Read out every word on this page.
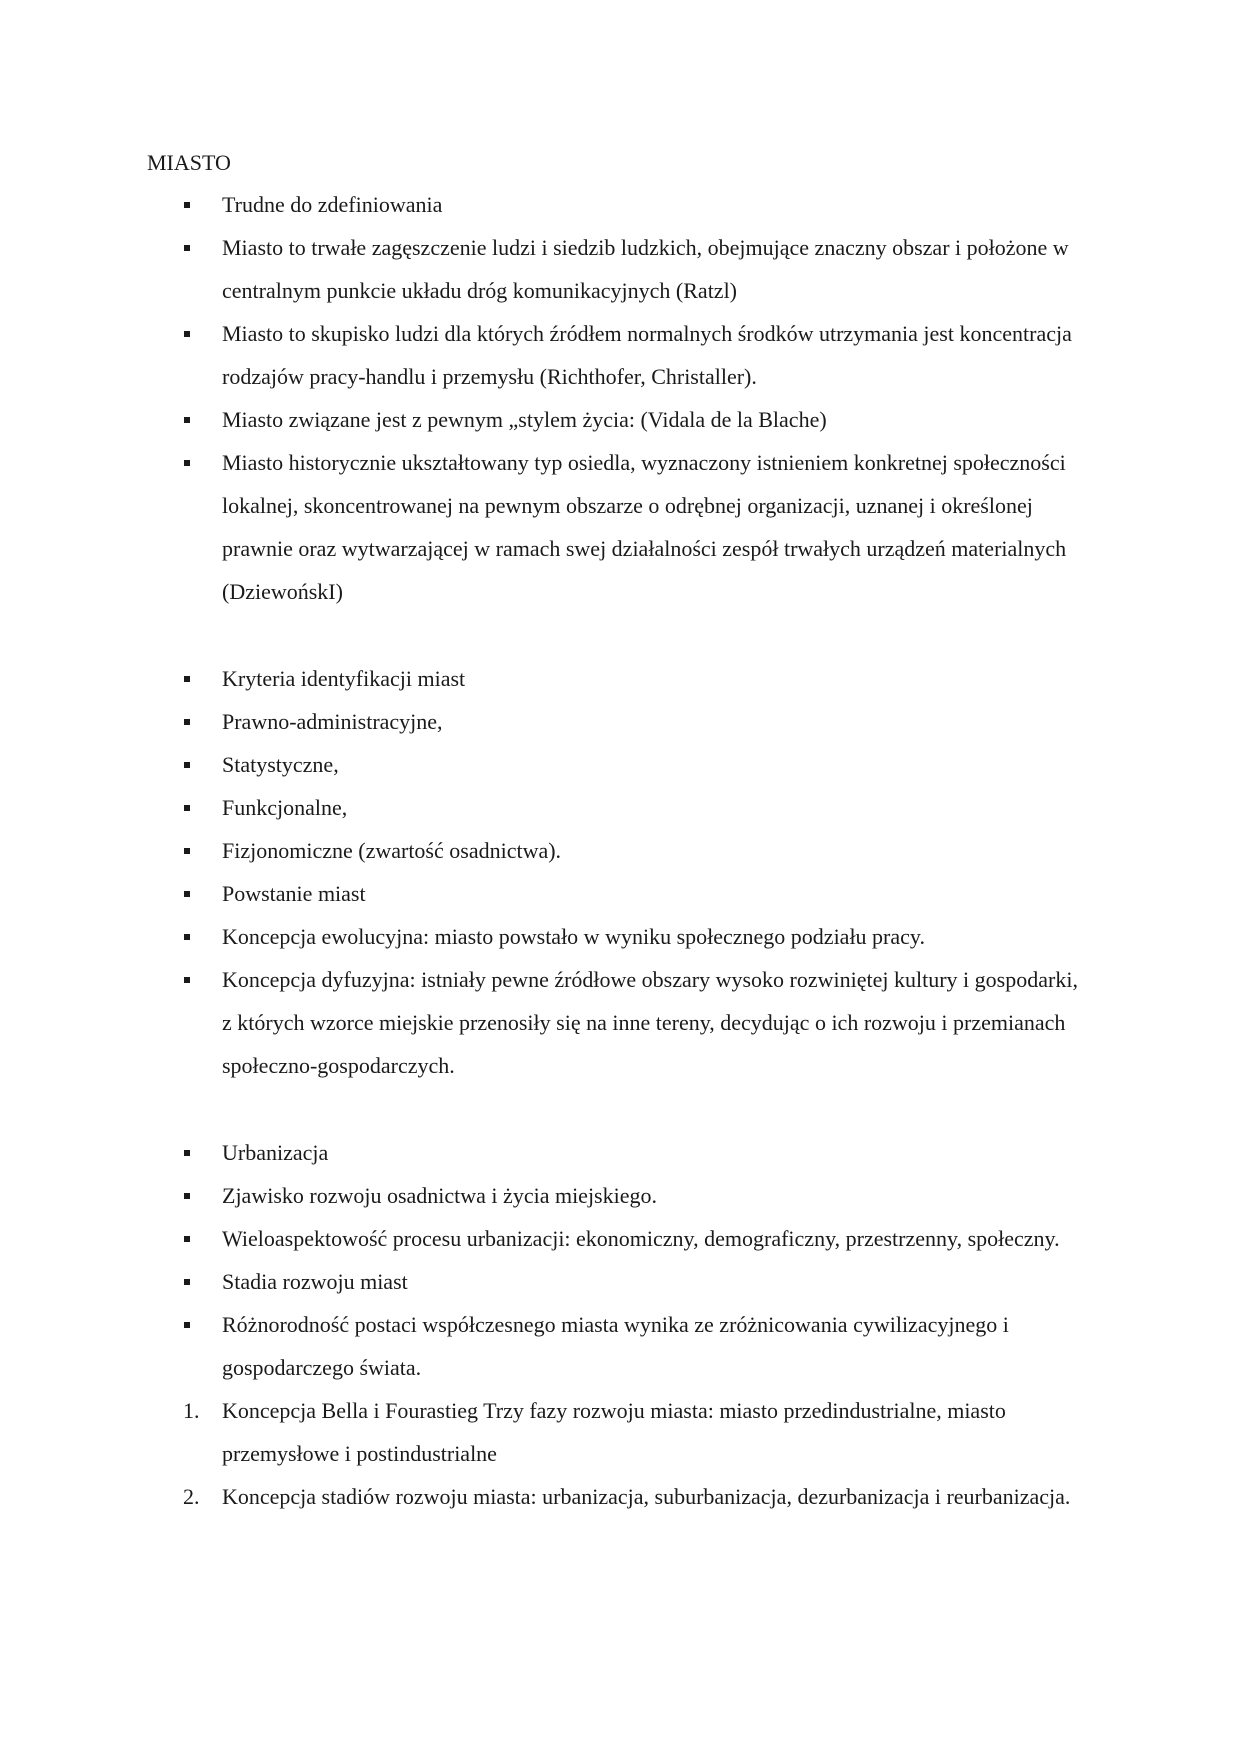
MIASTO
Trudne do zdefiniowania
Miasto to trwałe zagęszczenie ludzi i siedzib ludzkich, obejmujące znaczny obszar i położone w centralnym punkcie układu dróg komunikacyjnych (Ratzl)
Miasto to skupisko ludzi dla których źródłem normalnych środków utrzymania jest koncentracja rodzajów pracy-handlu i przemysłu (Richthofer, Christaller).
Miasto związane jest z pewnym „stylem życia: (Vidala de la Blache)
Miasto historycznie ukształtowany typ osiedla, wyznaczony istnieniem konkretnej społeczności lokalnej, skoncentrowanej na pewnym obszarze o odrębnej organizacji, uznanej i określonej prawnie oraz wytwarzającej w ramach swej działalności zespół trwałych urządzeń materialnych (DziewońskI)
Kryteria identyfikacji miast
Prawno-administracyjne,
Statystyczne,
Funkcjonalne,
Fizjonomiczne (zwartość osadnictwa).
Powstanie miast
Koncepcja ewolucyjna: miasto powstało w wyniku społecznego podziału pracy.
Koncepcja dyfuzyjna: istniały pewne źródłowe obszary wysoko rozwiniętej kultury i gospodarki, z których wzorce miejskie przenosiły się na inne tereny, decydując o ich rozwoju i przemianach społeczno-gospodarczych.
Urbanizacja
Zjawisko rozwoju osadnictwa i życia miejskiego.
Wieloaspektowość procesu urbanizacji: ekonomiczny, demograficzny, przestrzenny, społeczny.
Stadia rozwoju miast
Różnorodność postaci współczesnego miasta wynika ze zróżnicowania cywilizacyjnego i gospodarczego świata.
1. Koncepcja Bella i Fourastieg Trzy fazy rozwoju miasta: miasto przedindustrialne, miasto przemysłowe i postindustrialne
2. Koncepcja stadiów rozwoju miasta: urbanizacja, suburbanizacja, dezurbanizacja i reurbanizacja.
